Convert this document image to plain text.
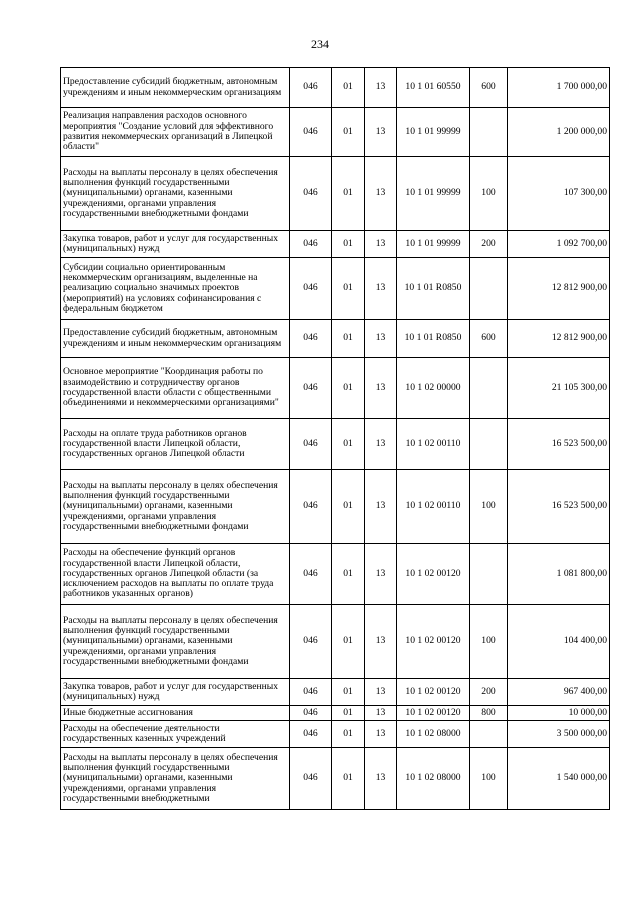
234
Предоставление субсидий бюджетным, автономным учреждениям и иным некоммерческим организациям	046	01	13	10 1 01 60550	600	1 700 000,00
Реализация направления расходов основного мероприятия "Создание условий для эффективного развития некоммерческих организаций в Липецкой области"	046	01	13	10 1 01 99999		1 200 000,00
Расходы на выплаты персоналу в целях обеспечения выполнения функций государственными (муниципальными) органами, казенными учреждениями, органами управления государственными внебюджетными фондами	046	01	13	10 1 01 99999	100	107 300,00
Закупка товаров, работ и услуг для государственных (муниципальных) нужд	046	01	13	10 1 01 99999	200	1 092 700,00
Субсидии социально ориентированным некоммерческим организациям, выделенные на реализацию социально значимых проектов (мероприятий) на условиях софинансирования с федеральным бюджетом	046	01	13	10 1 01 R0850		12 812 900,00
Предоставление субсидий бюджетным, автономным учреждениям и иным некоммерческим организациям	046	01	13	10 1 01 R0850	600	12 812 900,00
Основное мероприятие "Координация работы по взаимодействию и сотрудничеству органов государственной власти области с общественными объединениями и некоммерческими организациями"	046	01	13	10 1 02 00000		21 105 300,00
Расходы на оплате труда работников органов государственной власти Липецкой области, государственных органов Липецкой области	046	01	13	10 1 02 00110		16 523 500,00
Расходы на выплаты персоналу в целях обеспечения выполнения функций государственными (муниципальными) органами, казенными учреждениями, органами управления государственными внебюджетными фондами	046	01	13	10 1 02 00110	100	16 523 500,00
Расходы на обеспечение функций органов государственной власти Липецкой области, государственных органов Липецкой области (за исключением расходов на выплаты по оплате труда работников указанных органов)	046	01	13	10 1 02 00120		1 081 800,00
Расходы на выплаты персоналу в целях обеспечения выполнения функций государственными (муниципальными) органами, казенными учреждениями, органами управления государственными внебюджетными фондами	046	01	13	10 1 02 00120	100	104 400,00
Закупка товаров, работ и услуг для государственных (муниципальных) нужд	046	01	13	10 1 02 00120	200	967 400,00
Иные бюджетные ассигнования	046	01	13	10 1 02 00120	800	10 000,00
Расходы на обеспечение деятельности государственных казенных учреждений	046	01	13	10 1 02 08000		3 500 000,00
Расходы на выплаты персоналу в целях обеспечения выполнения функций государственными (муниципальными) органами, казенными учреждениями, органами управления государственными внебюджетными	046	01	13	10 1 02 08000	100	1 540 000,00
